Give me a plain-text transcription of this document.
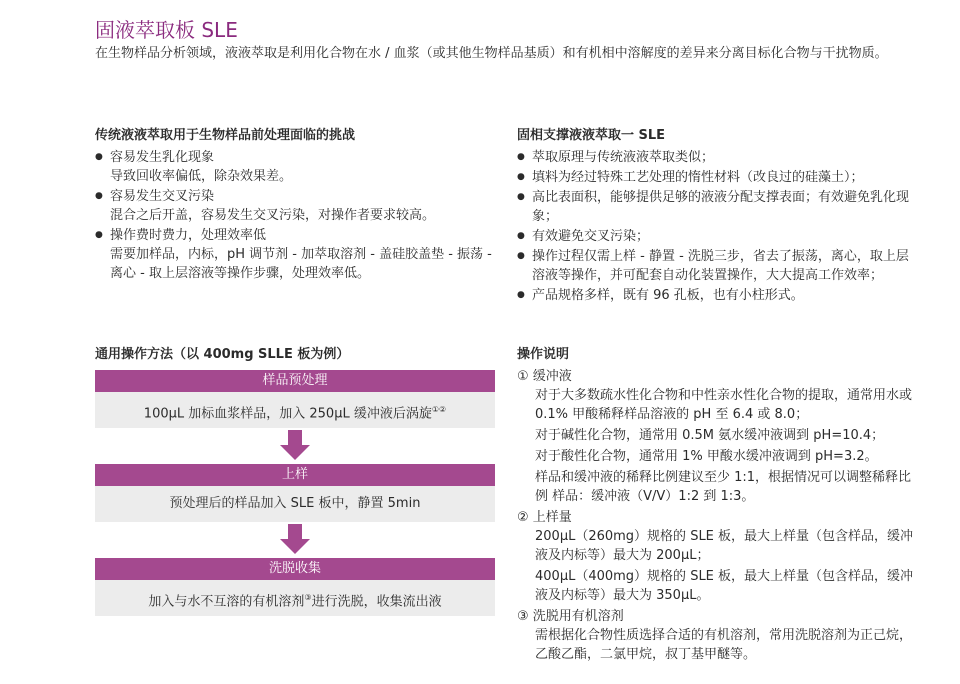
固液萃取板 SLE
在生物样品分析领域，液液萃取是利用化合物在水 / 血浆（或其他生物样品基质）和有机相中溶解度的差异来分离目标化合物与干扰物质。
传统液液萃取用于生物样品前处理面临的挑战
● 容易发生乳化现象
导致回收率偏低，除杂效果差。
● 容易发生交叉污染
混合之后开盖，容易发生交叉污染，对操作者要求较高。
● 操作费时费力，处理效率低
需要加样品，内标，pH 调节剂 - 加萃取溶剂 - 盖硅胶盖垫 - 振荡 - 离心 - 取上层溶液等操作步骤，处理效率低。
固相支撑液液萃取一 SLE
● 萃取原理与传统液液萃取类似；
● 填料为经过特殊工艺处理的惰性材料（改良过的硅藻土）；
● 高比表面积，能够提供足够的液液分配支撑表面；有效避免乳化现象；
● 有效避免交叉污染；
● 操作过程仅需上样 - 静置 - 洗脱三步，省去了振荡，离心，取上层溶液等操作，并可配套自动化装置操作，大大提高工作效率；
● 产品规格多样，既有 96 孔板，也有小柱形式。
通用操作方法（以 400mg SLLE 板为例）
样品预处理
100μL 加标血浆样品，加入 250μL 缓冲液后涡旋①②
上样
预处理后的样品加入 SLE 板中，静置 5min
洗脱收集
加入与水不互溶的有机溶剂③进行洗脱，收集流出液
操作说明
① 缓冲液
对于大多数疏水性化合物和中性亲水性化合物的提取，通常用水或 0.1% 甲酸稀释样品溶液的 pH 至 6.4 或 8.0；
对于碱性化合物，通常用 0.5M 氨水缓冲液调到 pH=10.4；
对于酸性化合物，通常用 1% 甲酸水缓冲液调到 pH=3.2。
样品和缓冲液的稀释比例建议至少 1:1，根据情况可以调整稀释比例 样品：缓冲液（V/V）1:2 到 1:3。
② 上样量
200μL（260mg）规格的 SLE 板，最大上样量（包含样品，缓冲液及内标等）最大为 200μL；
400μL（400mg）规格的 SLE 板，最大上样量（包含样品，缓冲液及内标等）最大为 350μL。
③ 洗脱用有机溶剂
需根据化合物性质选择合适的有机溶剂，常用洗脱溶剂为正己烷，乙酸乙酯，二氯甲烷，叔丁基甲醚等。
